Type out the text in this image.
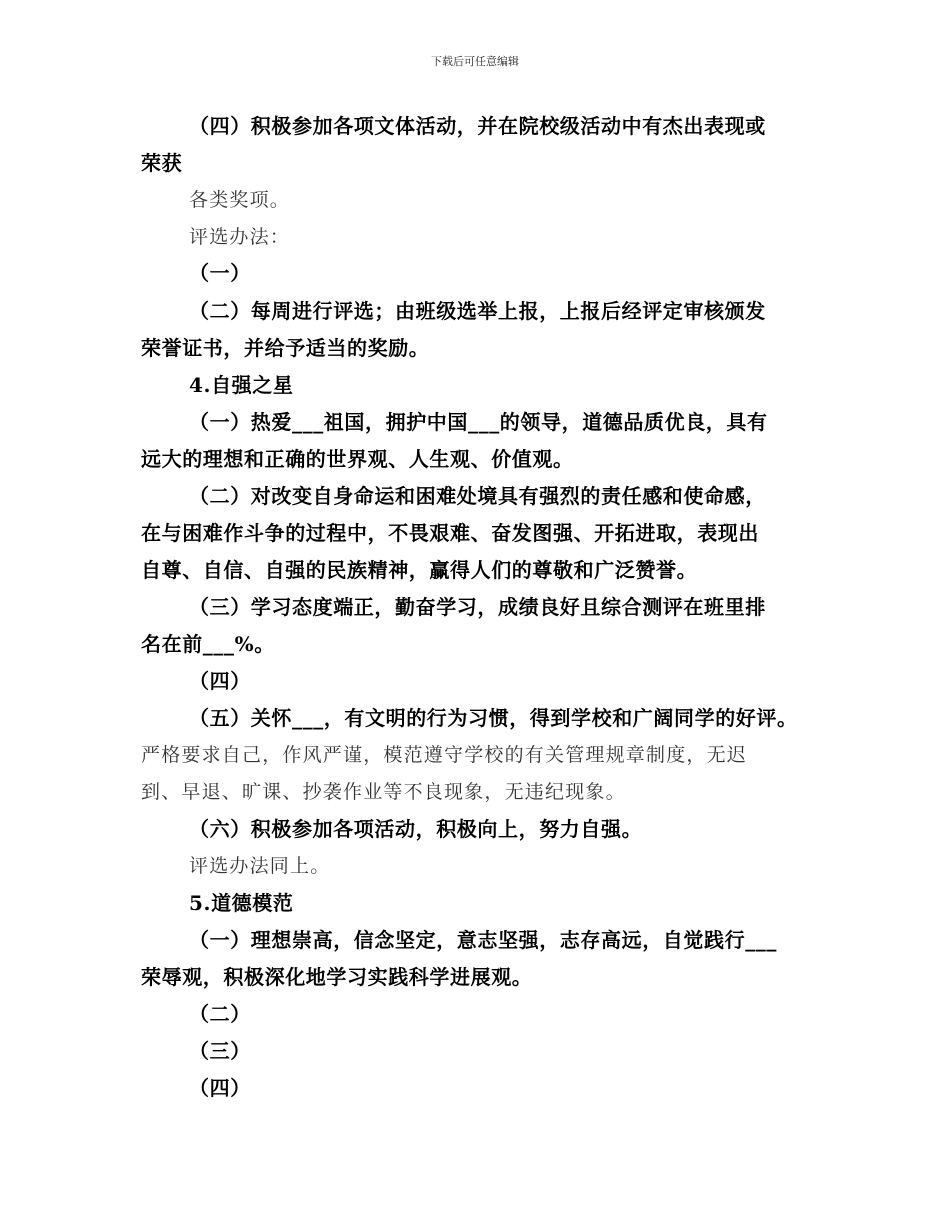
下载后可任意编辑
（四）积极参加各项文体活动，并在院校级活动中有杰出表现或
荣获
各类奖项。
评选办法：
（一）
（二）每周进行评选；由班级选举上报，上报后经评定审核颁发
荣誉证书，并给予适当的奖励。
4.自强之星
（一）热爱___祖国，拥护中国___的领导，道德品质优良，具有
远大的理想和正确的世界观、人生观、价值观。
（二）对改变自身命运和困难处境具有强烈的责任感和使命感，
在与困难作斗争的过程中，不畏艰难、奋发图强、开拓进取，表现出
自尊、自信、自强的民族精神，赢得人们的尊敬和广泛赞誉。
（三）学习态度端正，勤奋学习，成绩良好且综合测评在班里排
名在前___%。
（四）
（五）关怀___，有文明的行为习惯，得到学校和广阔同学的好评。
严格要求自己，作风严谨，模范遵守学校的有关管理规章制度，无迟
到、早退、旷课、抄袭作业等不良现象，无违纪现象。
（六）积极参加各项活动，积极向上，努力自强。
评选办法同上。
5.道德模范
（一）理想崇高，信念坚定，意志坚强，志存高远，自觉践行___
荣辱观，积极深化地学习实践科学进展观。
（二）
（三）
（四）
